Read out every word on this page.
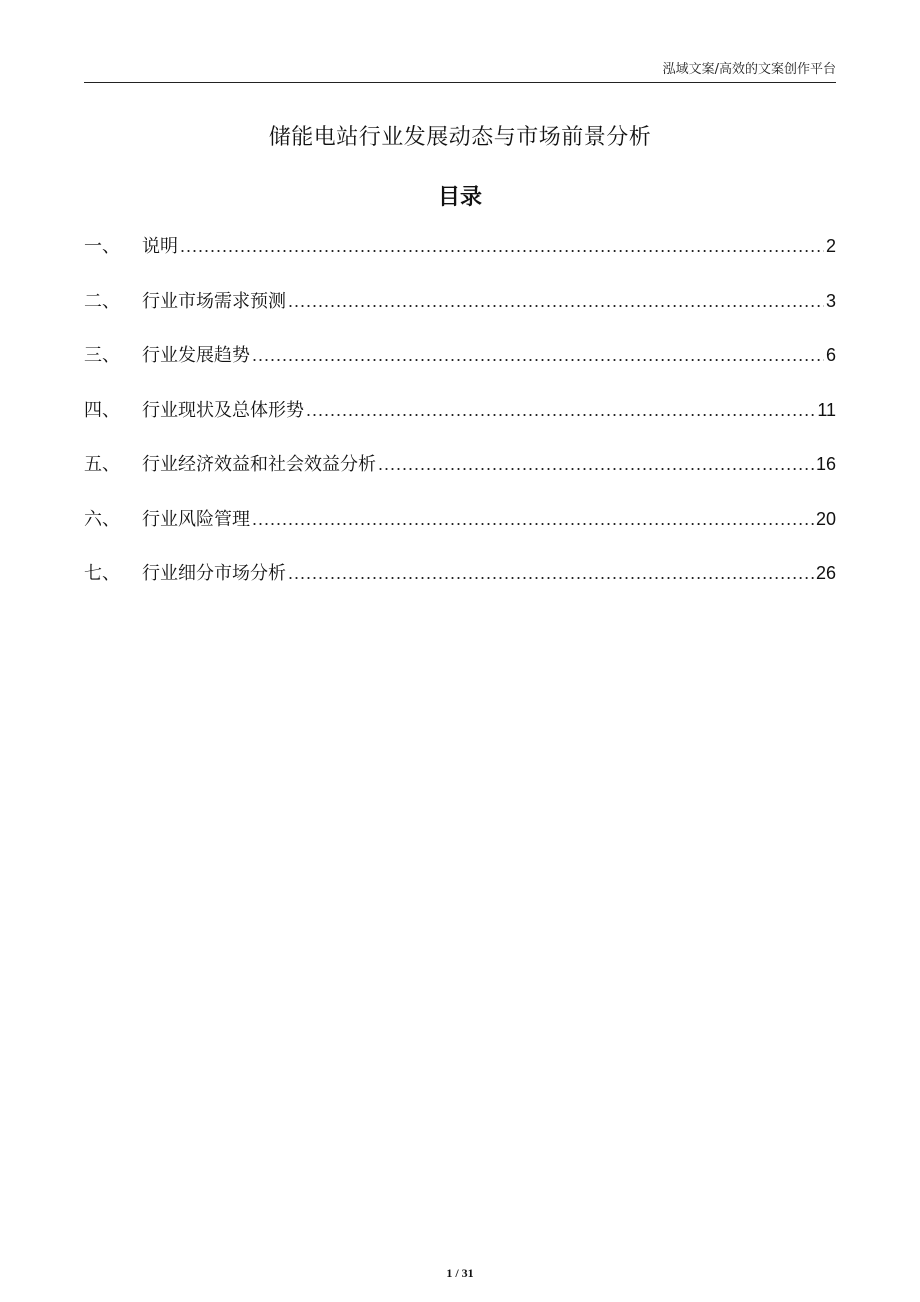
泓域文案/高效的文案创作平台
储能电站行业发展动态与市场前景分析
目录
一、	说明 .....	2
二、	行业市场需求预测 .....	3
三、	行业发展趋势 .....	6
四、	行业现状及总体形势 .....	11
五、	行业经济效益和社会效益分析 .....	16
六、	行业风险管理 .....	20
七、	行业细分市场分析 .....	26
1 / 31
